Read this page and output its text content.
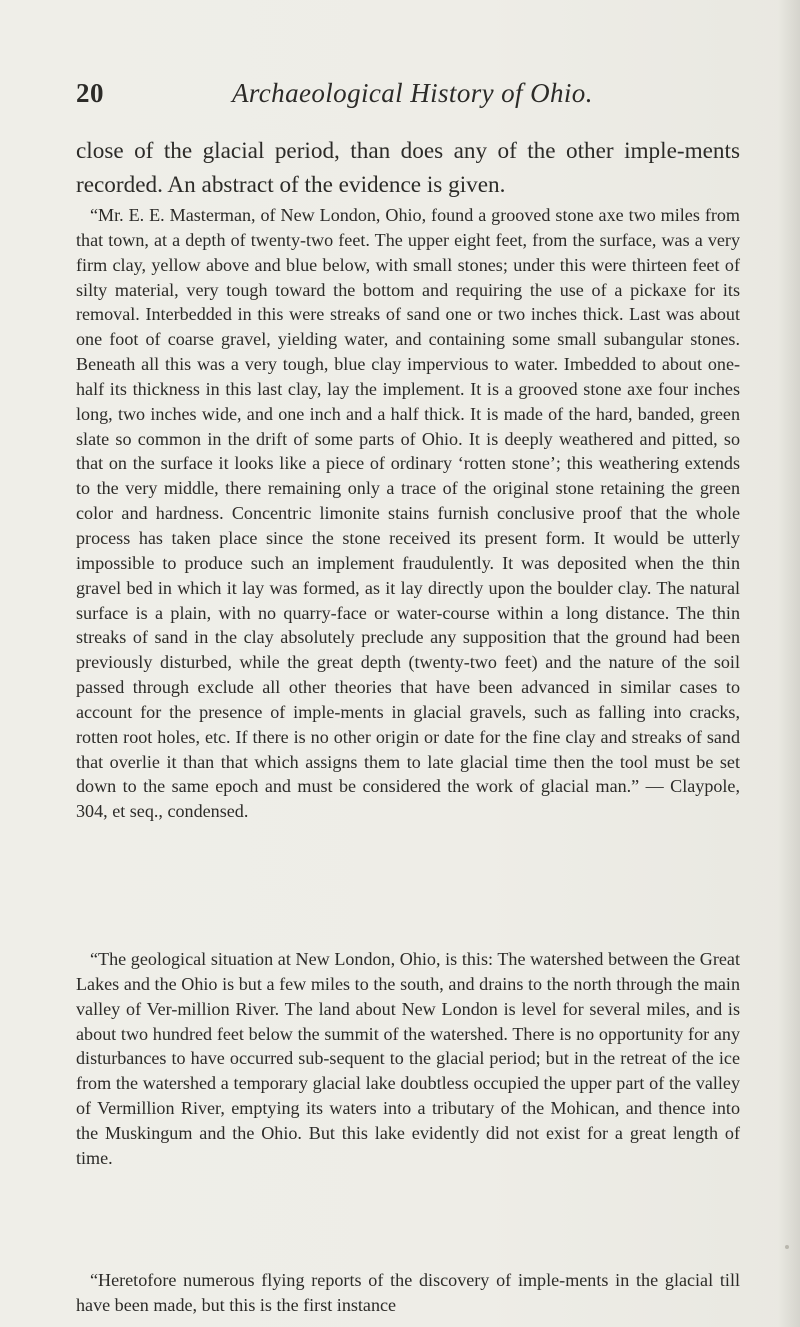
20	Archaeological History of Ohio.

close of the glacial period, than does any of the other imple-ments recorded. An abstract of the evidence is given.

“Mr. E. E. Masterman, of New London, Ohio, found a grooved stone axe two miles from that town, at a depth of twenty-two feet. The upper eight feet, from the surface, was a very firm clay, yellow above and blue below, with small stones; under this were thirteen feet of silty material, very tough toward the bottom and requiring the use of a pickaxe for its removal. Interbedded in this were streaks of sand one or two inches thick. Last was about one foot of coarse gravel, yielding water, and containing some small subangular stones. Beneath all this was a very tough, blue clay impervious to water. Imbedded to about one-half its thickness in this last clay, lay the implement. It is a grooved stone axe four inches long, two inches wide, and one inch and a half thick. It is made of the hard, banded, green slate so common in the drift of some parts of Ohio. It is deeply weathered and pitted, so that on the surface it looks like a piece of ordinary ‘rotten stone’; this weathering extends to the very middle, there remaining only a trace of the original stone retaining the green color and hardness. Concentric limonite stains furnish conclusive proof that the whole process has taken place since the stone received its present form. It would be utterly impossible to produce such an implement fraudulently. It was deposited when the thin gravel bed in which it lay was formed, as it lay directly upon the boulder clay. The natural surface is a plain, with no quarry-face or water-course within a long distance. The thin streaks of sand in the clay absolutely preclude any supposition that the ground had been previously disturbed, while the great depth (twenty-two feet) and the nature of the soil passed through exclude all other theories that have been advanced in similar cases to account for the presence of imple-ments in glacial gravels, such as falling into cracks, rotten root holes, etc. If there is no other origin or date for the fine clay and streaks of sand that overlie it than that which assigns them to late glacial time then the tool must be set down to the same epoch and must be considered the work of glacial man.” — Claypole, 304, et seq., condensed.

“The geological situation at New London, Ohio, is this: The watershed between the Great Lakes and the Ohio is but a few miles to the south, and drains to the north through the main valley of Ver-million River. The land about New London is level for several miles, and is about two hundred feet below the summit of the watershed. There is no opportunity for any disturbances to have occurred sub-sequent to the glacial period; but in the retreat of the ice from the watershed a temporary glacial lake doubtless occupied the upper part of the valley of Vermillion River, emptying its waters into a tributary of the Mohican, and thence into the Muskingum and the Ohio. But this lake evidently did not exist for a great length of time.

“Heretofore numerous flying reports of the discovery of imple-ments in the glacial till have been made, but this is the first instance
